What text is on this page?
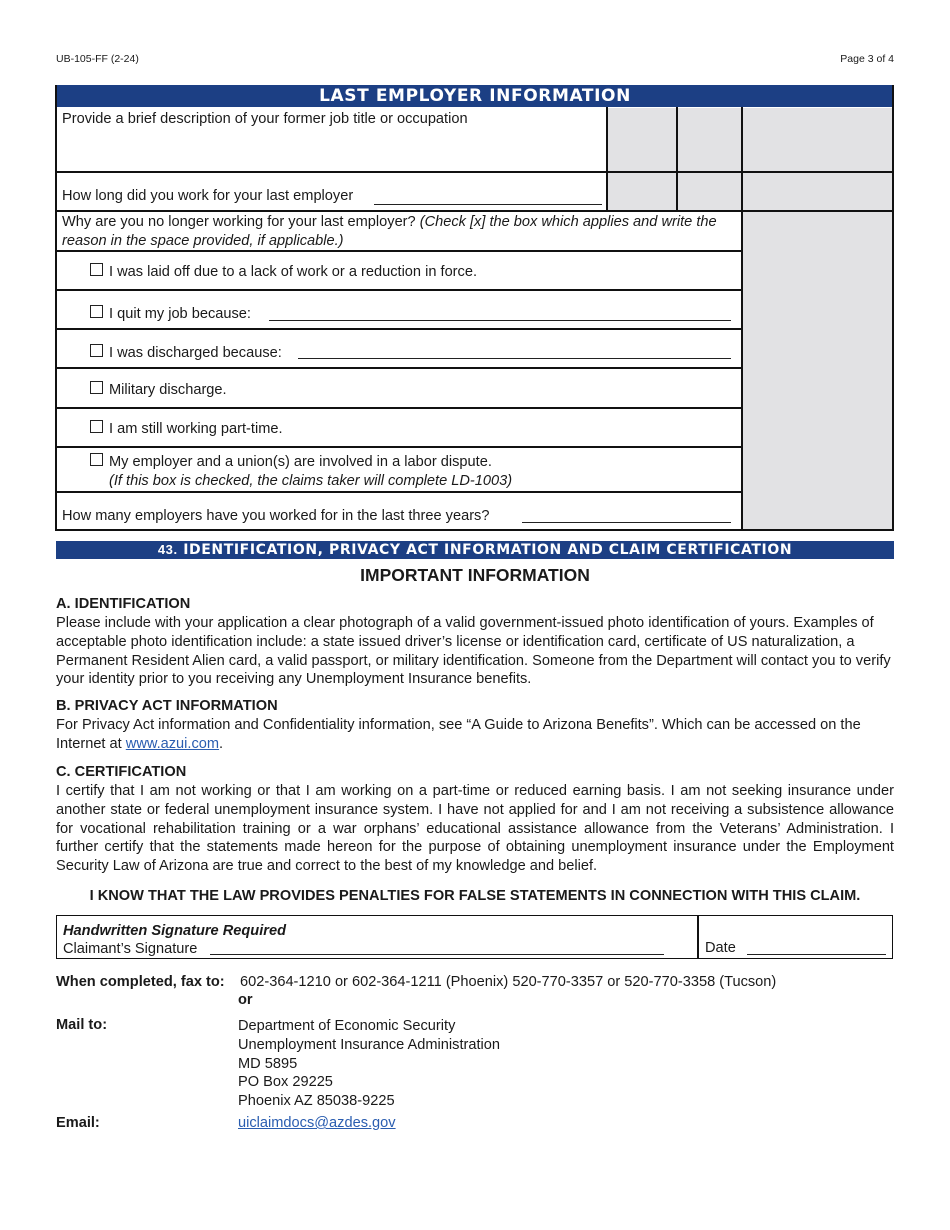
UB-105-FF (2-24)	Page 3 of 4
LAST EMPLOYER INFORMATION
Provide a brief description of your former job title or occupation
How long did you work for your last employer
Why are you no longer working for your last employer? (Check [x] the box which applies and write the reason in the space provided, if applicable.)
I was laid off due to a lack of work or a reduction in force.
I quit my job because:
I was discharged because:
Military discharge.
I am still working part-time.
My employer and a union(s) are involved in a labor dispute.
(If this box is checked, the claims taker will complete LD-1003)
How many employers have you worked for in the last three years?
43. IDENTIFICATION, PRIVACY ACT INFORMATION AND CLAIM CERTIFICATION
IMPORTANT INFORMATION
A. IDENTIFICATION
Please include with your application a clear photograph of a valid government-issued photo identification of yours. Examples of acceptable photo identification include: a state issued driver’s license or identification card, certificate of US naturalization, a Permanent Resident Alien card, a valid passport, or military identification. Someone from the Department will contact you to verify your identity prior to you receiving any Unemployment Insurance benefits.
B. PRIVACY ACT INFORMATION
For Privacy Act information and Confidentiality information, see “A Guide to Arizona Benefits”. Which can be accessed on the Internet at www.azui.com.
C. CERTIFICATION
I certify that I am not working or that I am working on a part-time or reduced earning basis. I am not seeking insurance under another state or federal unemployment insurance system. I have not applied for and I am not receiving a subsistence allowance for vocational rehabilitation training or a war orphans’ educational assistance allowance from the Veterans’ Administration. I further certify that the statements made hereon for the purpose of obtaining unemployment insurance under the Employment Security Law of Arizona are true and correct to the best of my knowledge and belief.
I KNOW THAT THE LAW PROVIDES PENALTIES FOR FALSE STATEMENTS IN CONNECTION WITH THIS CLAIM.
Handwritten Signature Required
Claimant’s Signature	Date
When completed, fax to: 602-364-1210 or 602-364-1211 (Phoenix) 520-770-3357 or 520-770-3358 (Tucson)
or
Mail to:	Department of Economic Security
Unemployment Insurance Administration
MD 5895
PO Box 29225
Phoenix AZ 85038-9225
Email:	uiclaimdocs@azdes.gov
